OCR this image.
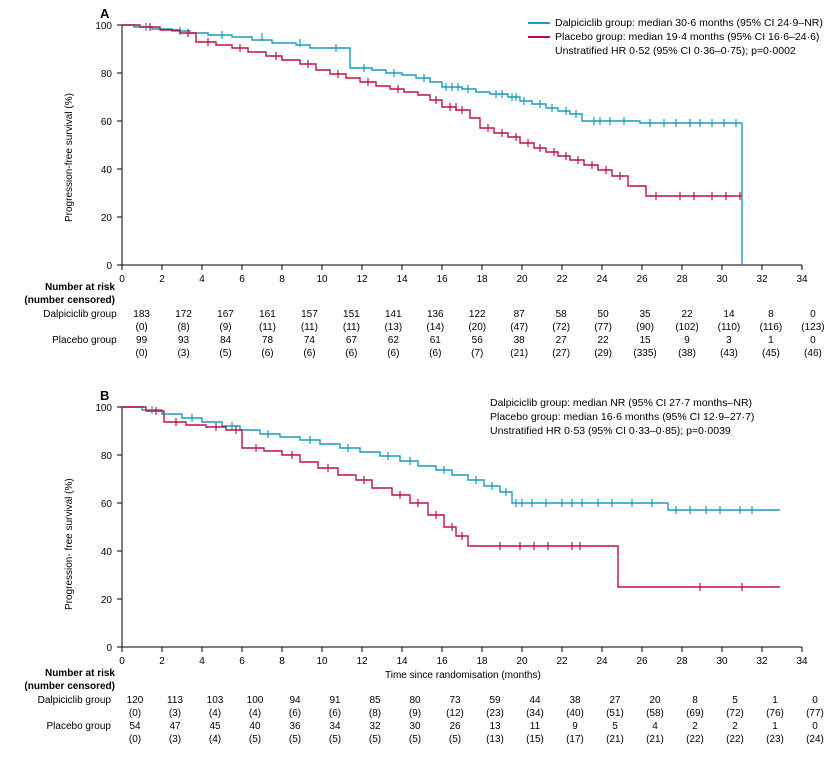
A
Dalpiciclib group: median 30·6 months (95% CI 24·9–NR)
Placebo group: median 19·4 months (95% CI 16·6–24·6)
Unstratified HR 0·52 (95% CI 0·36–0·75); p=0·0002
Progression-free survival (%)
0	2	4	6	8	10	12	14	16	18	20	22	24	26	28	30	32	34
0
20
40
60
80
100
Number at risk
(number censored)
Dalpiciclib group	183	172	167	161	157	151	141	136	122	87	58	50	35	22	14	8	0
	(0)	(8)	(9)	(11)	(11)	(11)	(13)	(14)	(20)	(47)	(72)	(77)	(90)	(102)	(110)	(116)	(123)
Placebo group	99	93	84	78	74	67	62	61	56	38	27	22	15	9	3	1	0
	(0)	(3)	(5)	(6)	(6)	(6)	(6)	(6)	(7)	(21)	(27)	(29)	(335)	(38)	(43)	(45)	(46)
B	Dalpiciclib group: median NR (95% CI 27·7 months–NR)
Placebo group: median 16·6 months (95% CI 12·9–27·7)
Unstratified HR 0·53 (95% CI 0·33–0·85); p=0·0039
Progression- free survival (%)
Time since randomisation (months)
0	2	4	6	8	10	12	14	16	18	20	22	24	26	28	30	32	34
0
20
40
60
80
100
Number at risk
(number censored)
Dalpiciclib group	120	113	103	100	94	91	85	80	73	59	44	38	27	20	8	5	1	0
	(0)	(3)	(4)	(4)	(6)	(6)	(8)	(9)	(12)	(23)	(34)	(40)	(51)	(58)	(69)	(72)	(76)	(77)
Placebo group	54	47	45	40	36	34	32	30	26	13	11	9	5	4	2	2	1	0
	(0)	(3)	(4)	(5)	(5)	(5)	(5)	(5)	(5)	(13)	(15)	(17)	(21)	(21)	(22)	(22)	(23)	(24)
